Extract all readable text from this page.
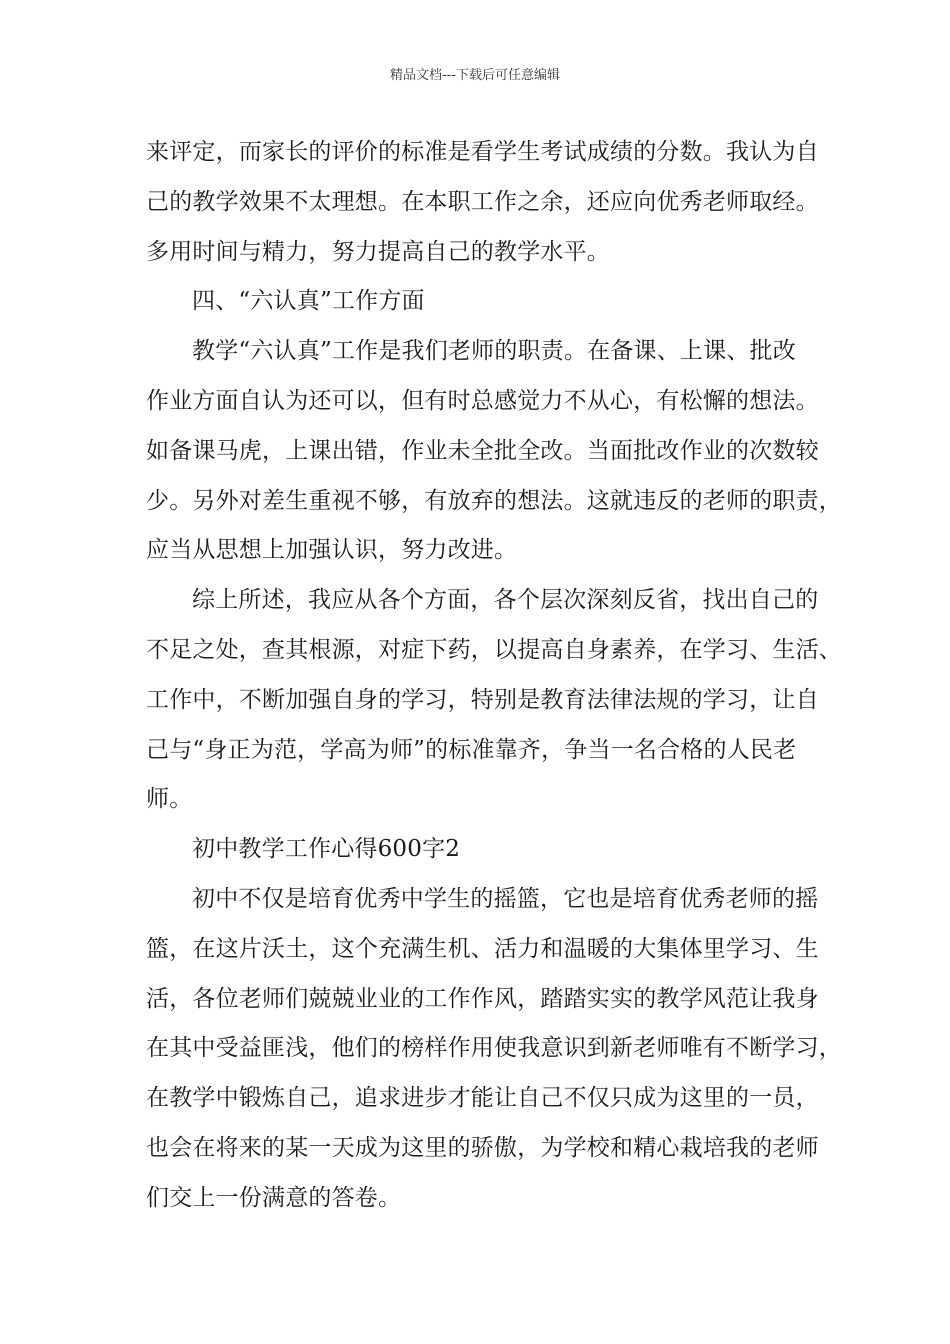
精品文档---下载后可任意编辑
来评定，而家长的评价的标准是看学生考试成绩的分数。我认为自
己的教学效果不太理想。在本职工作之余，还应向优秀老师取经。
多用时间与精力，努力提高自己的教学水平。
四、“六认真”工作方面
教学“六认真”工作是我们老师的职责。在备课、上课、批改
作业方面自认为还可以，但有时总感觉力不从心，有松懈的想法。
如备课马虎，上课出错，作业未全批全改。当面批改作业的次数较
少。另外对差生重视不够，有放弃的想法。这就违反的老师的职责，
应当从思想上加强认识，努力改进。
综上所述，我应从各个方面，各个层次深刻反省，找出自己的
不足之处，查其根源，对症下药，以提高自身素养，在学习、生活、
工作中，不断加强自身的学习，特别是教育法律法规的学习，让自
己与“身正为范，学高为师”的标准靠齐，争当一名合格的人民老
师。
初中教学工作心得600字2
初中不仅是培育优秀中学生的摇篮，它也是培育优秀老师的摇
篮，在这片沃土，这个充满生机、活力和温暖的大集体里学习、生
活，各位老师们兢兢业业的工作作风，踏踏实实的教学风范让我身
在其中受益匪浅，他们的榜样作用使我意识到新老师唯有不断学习，
在教学中锻炼自己，追求进步才能让自己不仅只成为这里的一员，
也会在将来的某一天成为这里的骄傲，为学校和精心栽培我的老师
们交上一份满意的答卷。
